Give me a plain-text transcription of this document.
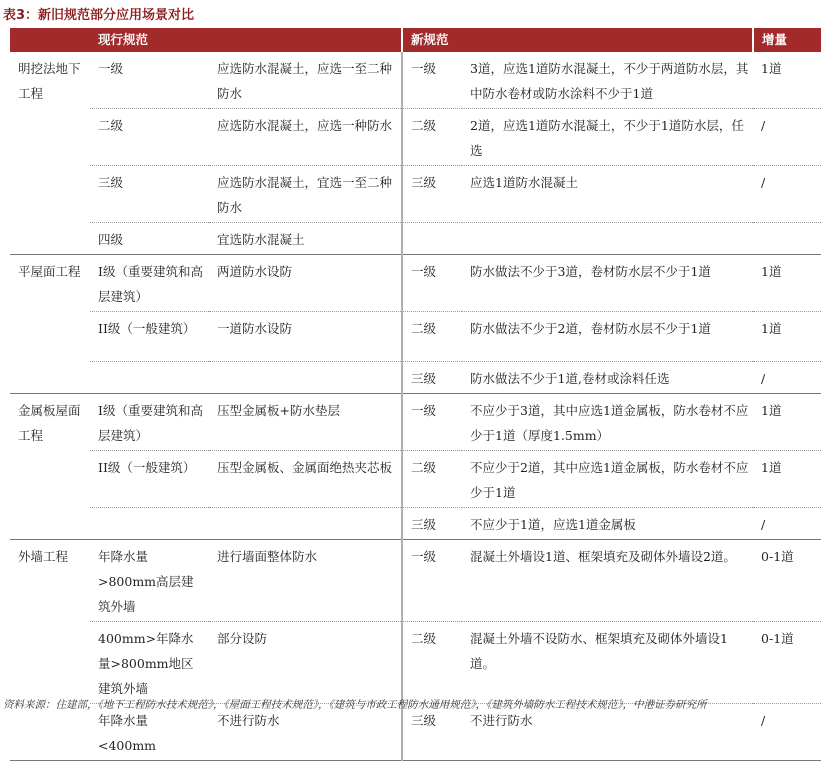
表3：新旧规范部分应用场景对比
	现行规范		新规范		增量
明挖法地下工程	一级	应选防水混凝土，应选一至二种防水	一级	3道，应选1道防水混凝土，不少于两道防水层，其中防水卷材或防水涂料不少于1道	1道
	二级	应选防水混凝土，应选一种防水	二级	2道，应选1道防水混凝土，不少于1道防水层，任选	/
	三级	应选防水混凝土，宜选一至二种防水	三级	应选1道防水混凝土	/
	四级	宜选防水混凝土			
平屋面工程	I级（重要建筑和高层建筑）	两道防水设防	一级	防水做法不少于3道，卷材防水层不少于1道	1道
	II级（一般建筑）	一道防水设防	二级	防水做法不少于2道，卷材防水层不少于1道	1道
			三级	防水做法不少于1道,卷材或涂料任选	/
金属板屋面工程	I级（重要建筑和高层建筑）	压型金属板+防水垫层	一级	不应少于3道，其中应选1道金属板，防水卷材不应少于1道（厚度1.5mm）	1道
	II级（一般建筑）	压型金属板、金属面绝热夹芯板	二级	不应少于2道，其中应选1道金属板，防水卷材不应少于1道	1道
			三级	不应少于1道，应选1道金属板	/
外墙工程	年降水量>800mm高层建筑外墙	进行墙面整体防水	一级	混凝土外墙设1道、框架填充及砌体外墙设2道。	0-1道
	400mm>年降水量>800mm地区建筑外墙	部分设防	二级	混凝土外墙不设防水、框架填充及砌体外墙设1道。	0-1道
	年降水量<400mm	不进行防水	三级	不进行防水	/
资料来源：住建部，《地下工程防水技术规范》，《屋面工程技术规范》，《建筑与市政工程防水通用规范》，《建筑外墙防水工程技术规范》，中港证券研究所
